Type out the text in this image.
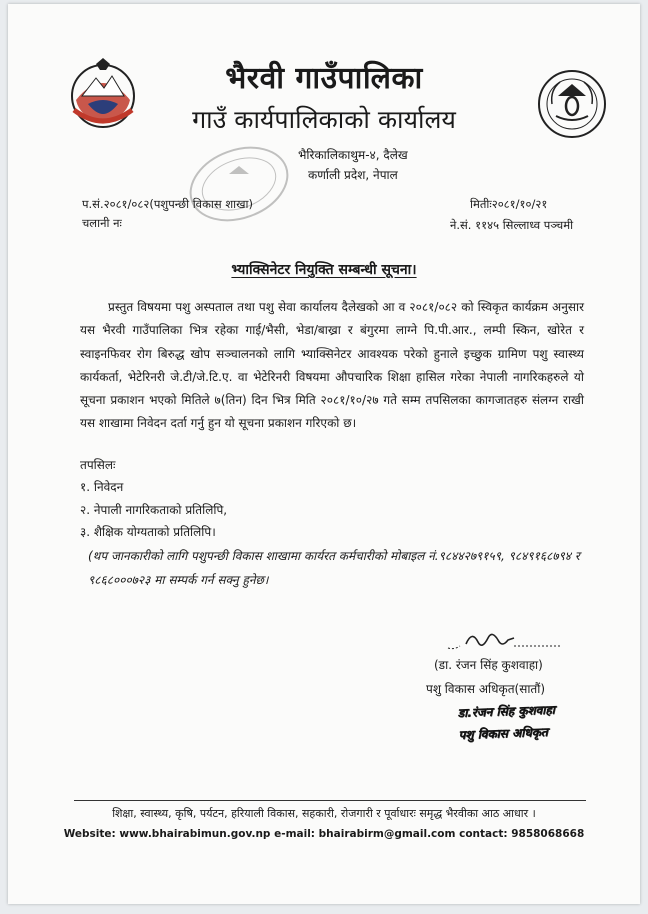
भैरवी गाउँपालिका
गाउँ कार्यपालिकाको कार्यालय
भैरिकालिकाथुम-४, दैलेख
कर्णाली प्रदेश, नेपाल
प.सं.२०८१/०८२(पशुपन्छी विकास शाखा)
चलानी नः
मितीः२०८१/१०/२१
ने.सं. ११४५ सिल्लाध्व पञ्चमी
भ्याक्सिनेटर नियुक्ति सम्बन्धी सूचना।
प्रस्तुत विषयमा पशु अस्पताल तथा पशु सेवा कार्यालय दैलेखको आ व २०८१/०८२ को स्विकृत कार्यक्रम अनुसार यस भैरवी गाउँपालिका भित्र रहेका गाई/भैसी, भेडा/बाख्रा र बंगुरमा लाग्ने पि.पी.आर., लम्पी स्किन, खोरेत र स्वाइनफिवर रोग बिरुद्ध खोप सञ्चालनको लागि भ्याक्सिनेटर आवश्यक परेको हुनाले इच्छुक ग्रामिण पशु स्वास्थ्य कार्यकर्ता, भेटेरिनरी जे.टी/जे.टि.ए. वा भेटेरिनरी विषयमा औपचारिक शिक्षा हासिल गरेका नेपाली नागरिकहरुले यो सूचना प्रकाशन भएको मितिले ७(तिन) दिन भित्र मिति २०८१/१०/२७ गते सम्म तपसिलका कागजातहरु संलग्न राखी यस शाखामा निवेदन दर्ता गर्नु हुन यो सूचना प्रकाशन गरिएको छ।
तपसिलः
१. निवेदन
२. नेपाली नागरिकताको प्रतिलिपि,
३. शैक्षिक योग्यताको प्रतिलिपि।
(थप जानकारीको लागि पशुपन्छी विकास शाखामा कार्यरत कर्मचारीको मोबाइल नं.९८४४२७९१५९, ९८४९१६८७९४ र ९८६८०००७२३ मा सम्पर्क गर्न सक्नु हुनेछ।
(डा. रंजन सिंह कुशवाहा)
पशु विकास अधिकृत(सातौं)
डा.रंजन सिंह कुशवाहा
पशु विकास अधिकृत
शिक्षा, स्वास्थ्य, कृषि, पर्यटन, हरियाली विकास, सहकारी, रोजगारी र पूर्वाधारः समृद्ध भैरवीका आठ आधार ।
Website: www.bhairabimun.gov.np e-mail: bhairabirm@gmail.com contact: 9858068668
